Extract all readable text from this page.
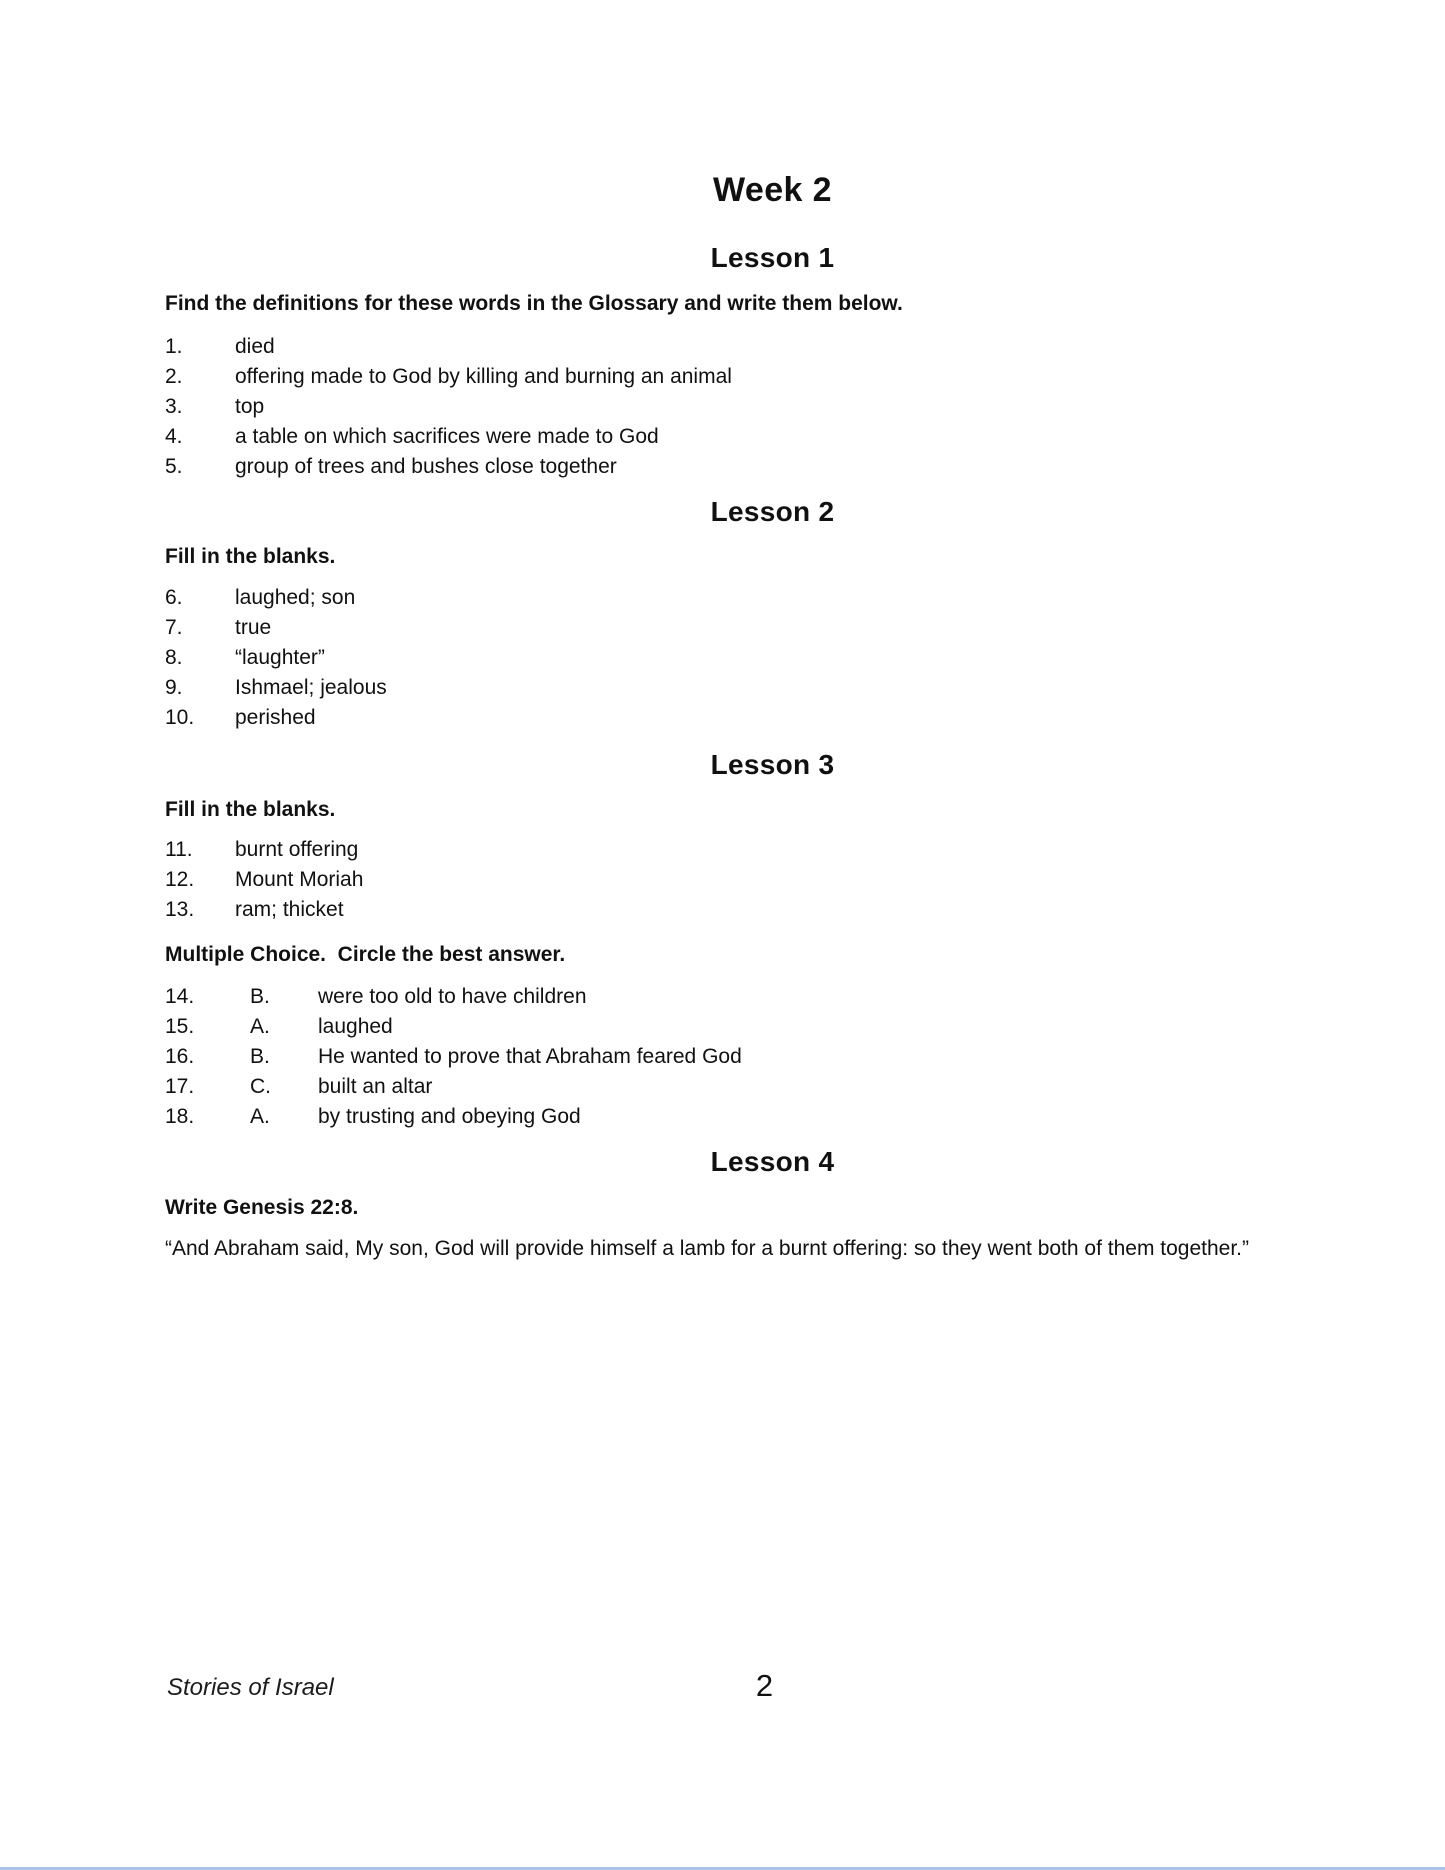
Week 2
Lesson 1

Find the definitions for these words in the Glossary and write them below.

1.	died
2.	offering made to God by killing and burning an animal
3.	top
4.	a table on which sacrifices were made to God
5.	group of trees and bushes close together
Lesson 2

Fill in the blanks.

6.	laughed; son
7.	true
8.	“laughter”
9.	Ishmael; jealous
10.	perished
Lesson 3

Fill in the blanks.

11.	burnt offering
12.	Mount Moriah
13.	ram; thicket

Multiple Choice.  Circle the best answer.

14.	B.	were too old to have children
15.	A.	laughed
16.	B.	He wanted to prove that Abraham feared God
17.	C.	built an altar
18.	A.	by trusting and obeying God
Lesson 4

Write Genesis 22:8.

“And Abraham said, My son, God will provide himself a lamb for a burnt offering: so they went both of them together.”

Stories of Israel	2
